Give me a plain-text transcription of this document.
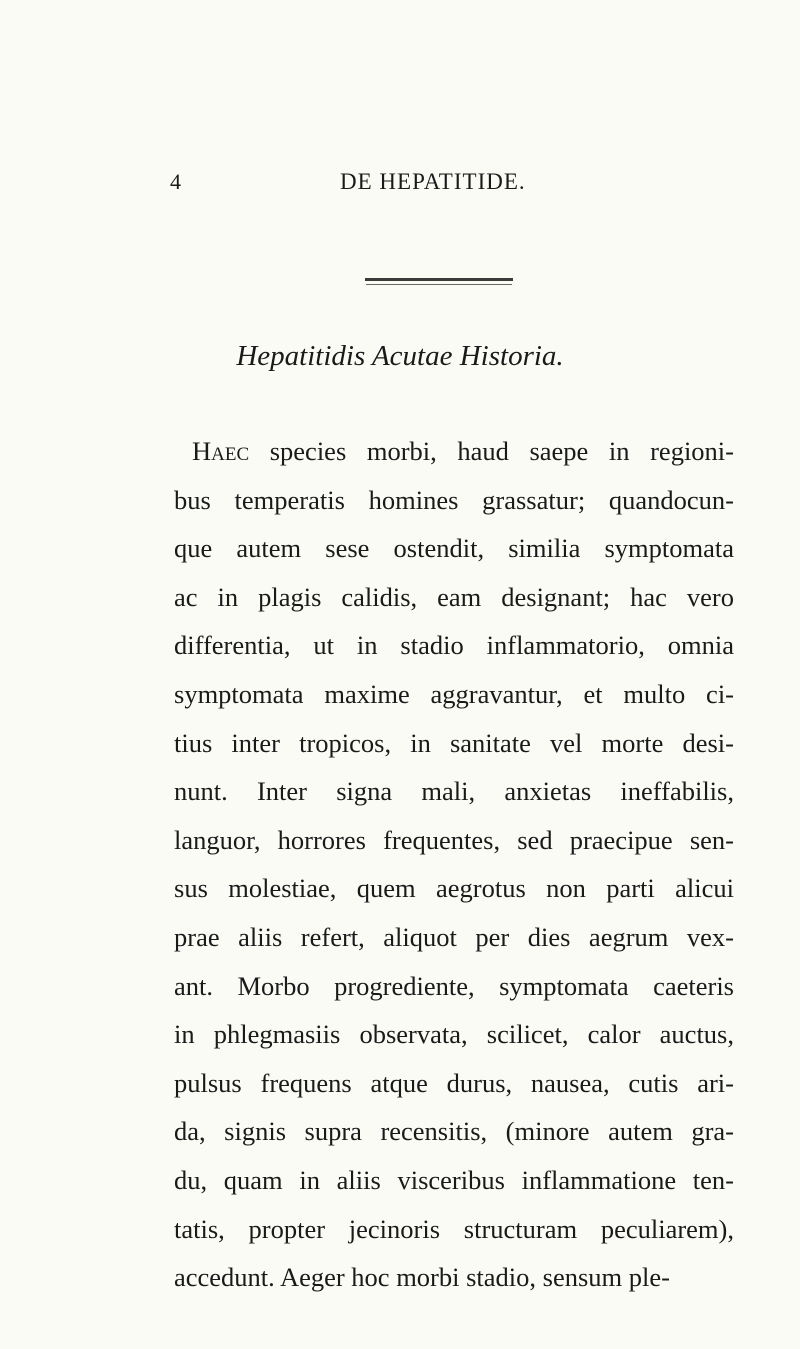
4	DE HEPATITIDE.
Hepatitidis Acutae Historia.
Haec species morbi, haud saepe in regioni-
bus temperatis homines grassatur; quandocun-
que autem sese ostendit, similia symptomata
ac in plagis calidis, eam designant; hac vero
differentia, ut in stadio inflammatorio, omnia
symptomata maxime aggravantur, et multo ci-
tius inter tropicos, in sanitate vel morte desi-
nunt. Inter signa mali, anxietas ineffabilis,
languor, horrores frequentes, sed praecipue sen-
sus molestiae, quem aegrotus non parti alicui
prae aliis refert, aliquot per dies aegrum vex-
ant. Morbo progrediente, symptomata caeteris
in phlegmasiis observata, scilicet, calor auctus,
pulsus frequens atque durus, nausea, cutis ari-
da, signis supra recensitis, (minore autem gra-
du, quam in aliis visceribus inflammatione ten-
tatis, propter jecinoris structuram peculiarem),
accedunt. Aeger hoc morbi stadio, sensum ple-
